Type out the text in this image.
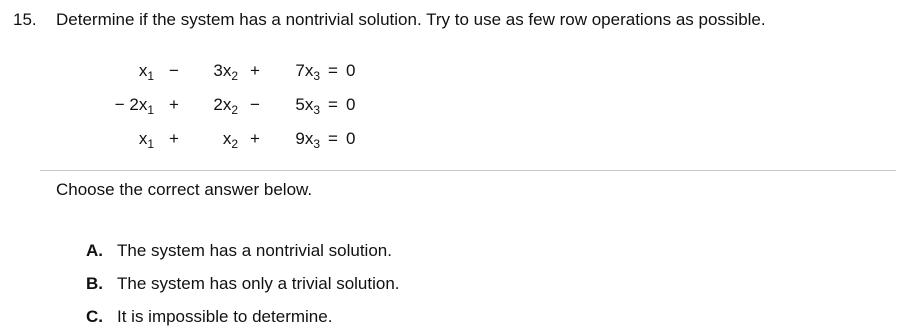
15. Determine if the system has a nontrivial solution. Try to use as few row operations as possible.
$x_1$	−	$3x_2$	+	$7x_3$	=	0
− $2x_1$	+	$2x_2$	−	$5x_3$	=	0
$x_1$	+	$x_2$	+	$9x_3$	=	0
Choose the correct answer below.
A. The system has a nontrivial solution.
B. The system has only a trivial solution.
C. It is impossible to determine.
